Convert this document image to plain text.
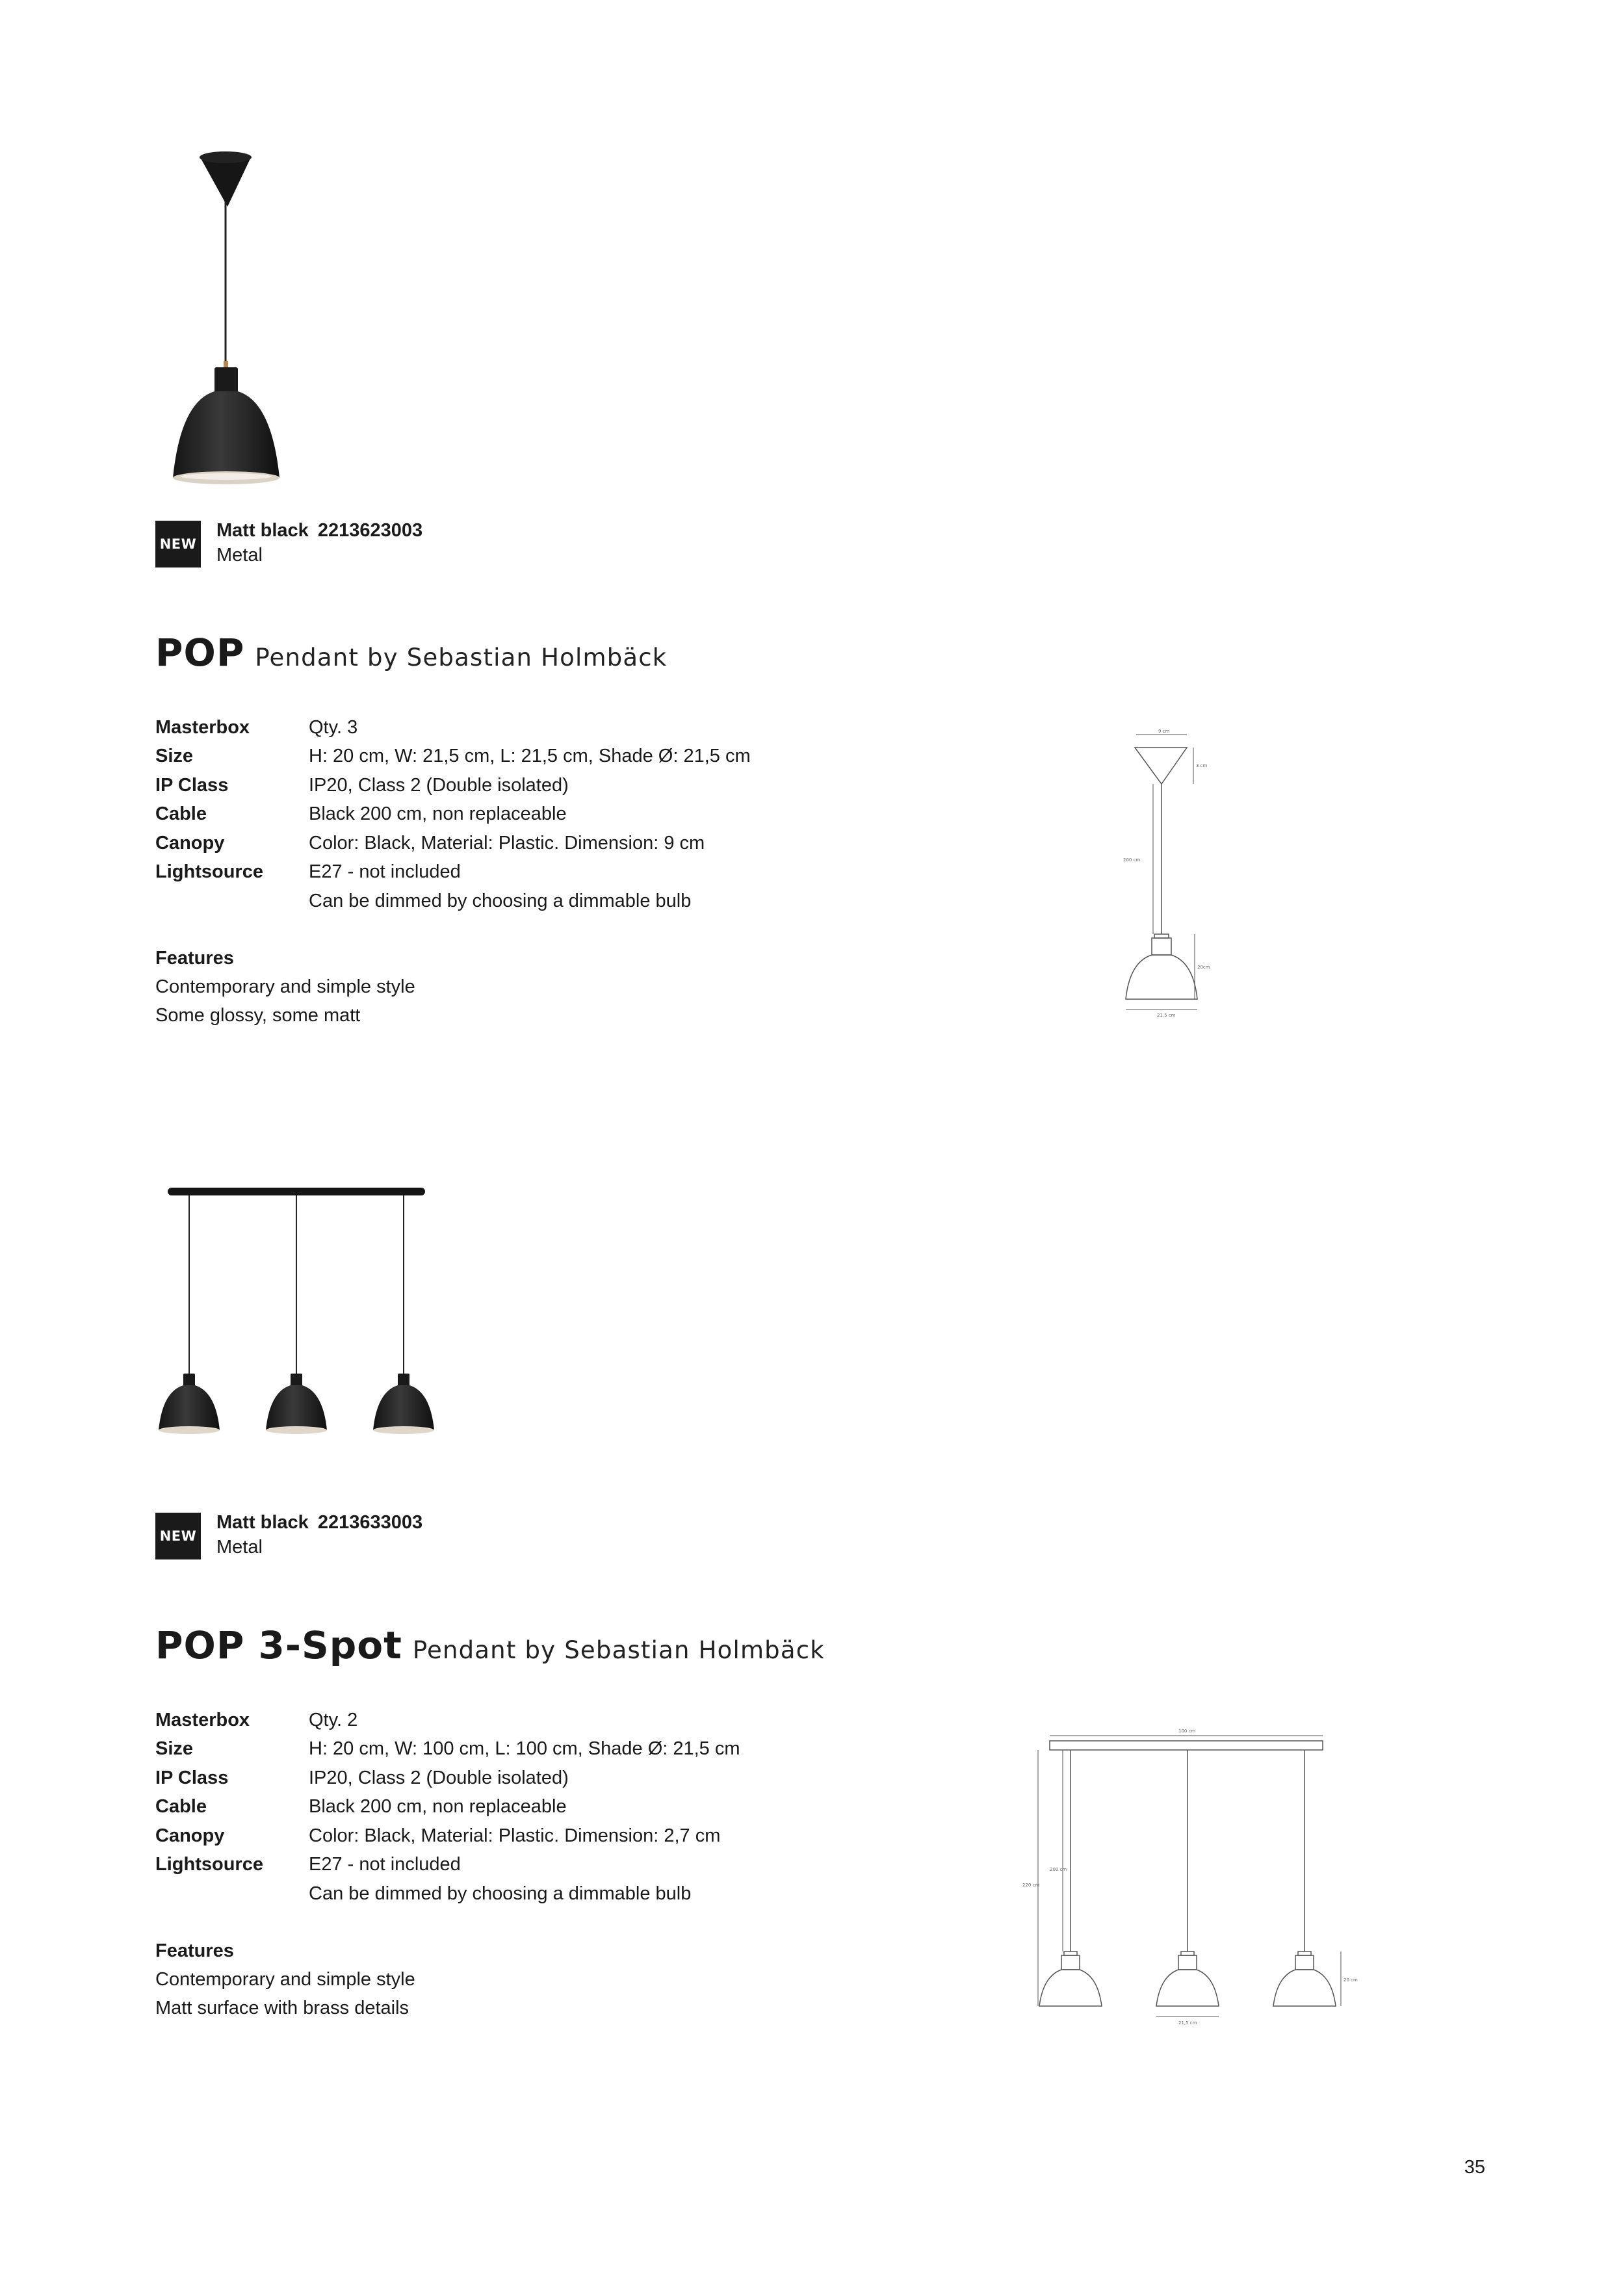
NEW
Matt black 2213623003
Metal
POP Pendant by Sebastian Holmbäck
Masterbox	Qty. 3
Size	H: 20 cm, W: 21,5 cm, L: 21,5 cm, Shade Ø: 21,5 cm
IP Class	IP20, Class 2 (Double isolated)
Cable	Black 200 cm, non replaceable
Canopy	Color: Black, Material: Plastic. Dimension: 9 cm
Lightsource	E27 - not included
Can be dimmed by choosing a dimmable bulb
Features
Contemporary and simple style
Some glossy, some matt
9 cm
3 cm
200 cm
20cm
21,5 cm
NEW
Matt black 2213633003
Metal
POP 3-Spot Pendant by Sebastian Holmbäck
Masterbox	Qty. 2
Size	H: 20 cm, W: 100 cm, L: 100 cm, Shade Ø: 21,5 cm
IP Class	IP20, Class 2 (Double isolated)
Cable	Black 200 cm, non replaceable
Canopy	Color: Black, Material: Plastic. Dimension: 2,7 cm
Lightsource	E27 - not included
Can be dimmed by choosing a dimmable bulb
Features
Contemporary and simple style
Matt surface with brass details
100 cm
200 cm
220 cm
20 cm
21,5 cm
35
